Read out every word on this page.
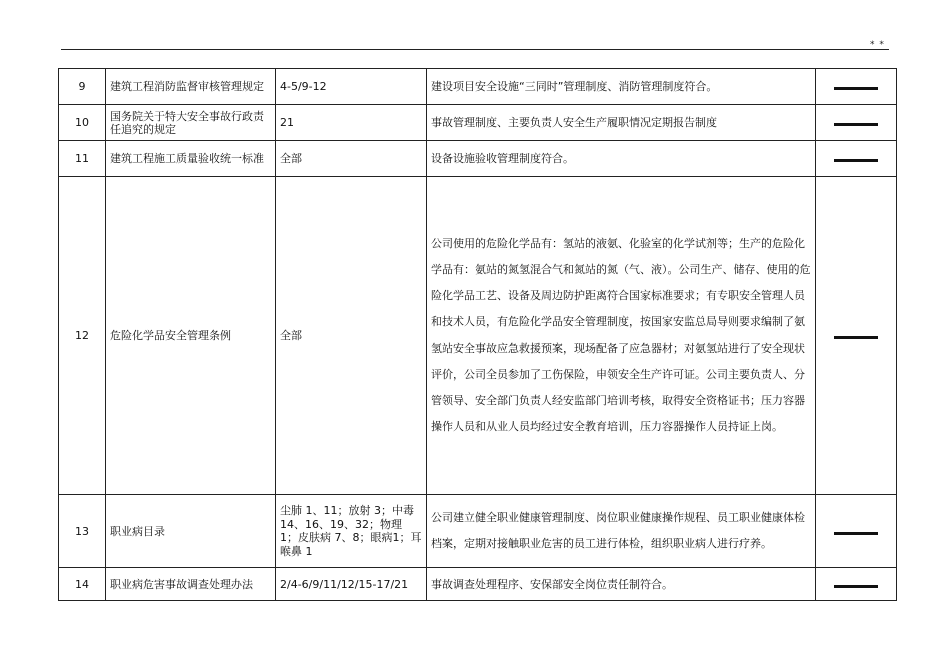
* *
9	建筑工程消防监督审核管理规定	4-5/9-12	建设项目安全设施“三同时”管理制度、消防管理制度符合。	
10	国务院关于特大安全事故行政责任追究的规定	21	事故管理制度、主要负责人安全生产履职情况定期报告制度	
11	建筑工程施工质量验收统一标准	全部	设备设施验收管理制度符合。	
12	危险化学品安全管理条例	全部	公司使用的危险化学品有：氢站的液氨、化验室的化学试剂等；生产的危险化学品有：氨站的氮氢混合气和氮站的氮（气、液）。公司生产、储存、使用的危险化学品工艺、设备及周边防护距离符合国家标准要求；有专职安全管理人员和技术人员，有危险化学品安全管理制度，按国家安监总局导则要求编制了氨氢站安全事故应急救援预案，现场配备了应急器材；对氨氢站进行了安全现状评价，公司全员参加了工伤保险，申领安全生产许可证。公司主要负责人、分管领导、安全部门负责人经安监部门培训考核，取得安全资格证书；压力容器操作人员和从业人员均经过安全教育培训，压力容器操作人员持证上岗。	

13	职业病目录	尘肺 1、11；放射 3；中毒14、16、19、32；物理 1；皮肤病 7、8；眼病1；耳喉鼻 1	公司建立健全职业健康管理制度、岗位职业健康操作规程、员工职业健康体检档案，定期对接触职业危害的员工进行体检，组织职业病人进行疗养。	

14	职业病危害事故调查处理办法	2/4-6/9/11/12/15-17/21	事故调查处理程序、安保部安全岗位责任制符合。	
